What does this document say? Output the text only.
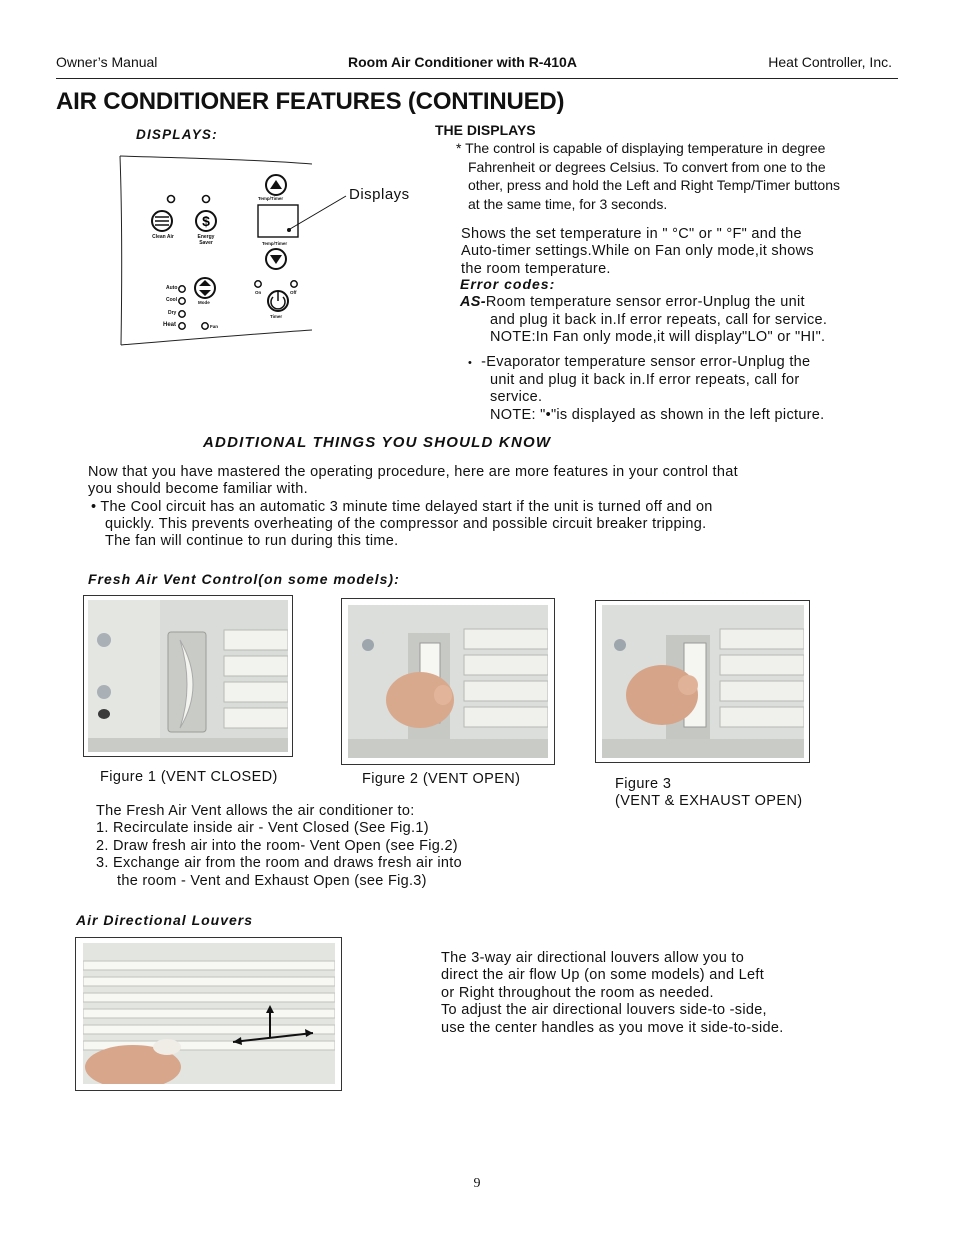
Owner’s Manual	Room Air Conditioner with R-410A	Heat Controller, Inc.
AIR CONDITIONER FEATURES (CONTINUED)
DISPLAYS:
$
Clean Air	Energy Saver
Temp/Timer
Temp/Timer
Auto
Cool
Dry
Heat	Fan
Mode
On	Off
Timer
Displays
THE DISPLAYS
* The control is capable of displaying temperature in degree
Fahrenheit or degrees Celsius. To convert from one to the
other, press and hold the Left and Right Temp/Timer buttons
at the same time, for 3 seconds.
Shows the set temperature in " °C" or " °F" and the
Auto-timer settings.While on Fan only mode,it shows
the room temperature.
Error codes:
AS-Room temperature sensor error-Unplug the unit
and plug it back in.If error repeats, call for service.
NOTE:In Fan only mode,it will display"LO" or "HI".
• -Evaporator temperature sensor error-Unplug the
unit and plug it back in.If error repeats, call for
service.
NOTE: "•"is displayed as shown in the left picture.
ADDITIONAL THINGS YOU SHOULD KNOW
Now that you have mastered the operating procedure, here are more features in your control that
you should become familiar with.
• The Cool circuit has an automatic 3 minute time delayed start if the unit is turned off and on
quickly. This prevents overheating of the compressor and possible circuit breaker tripping.
The fan will continue to run during this time.
Fresh Air Vent Control(on some models):
Figure 1 (VENT CLOSED)	Figure 2 (VENT OPEN)	Figure 3
(VENT & EXHAUST OPEN)
The Fresh Air Vent allows the air conditioner to:
1. Recirculate inside air - Vent Closed (See Fig.1)
2. Draw fresh air into the room- Vent Open (see Fig.2)
3. Exchange air from the room and draws fresh air into
the room - Vent and Exhaust Open (see Fig.3)
Air Directional Louvers
The 3-way air directional louvers allow you to
direct the air flow Up (on some models) and Left
or Right throughout the room as needed.
To adjust the air directional louvers side-to -side,
use the center handles as you move it side-to-side.
9
